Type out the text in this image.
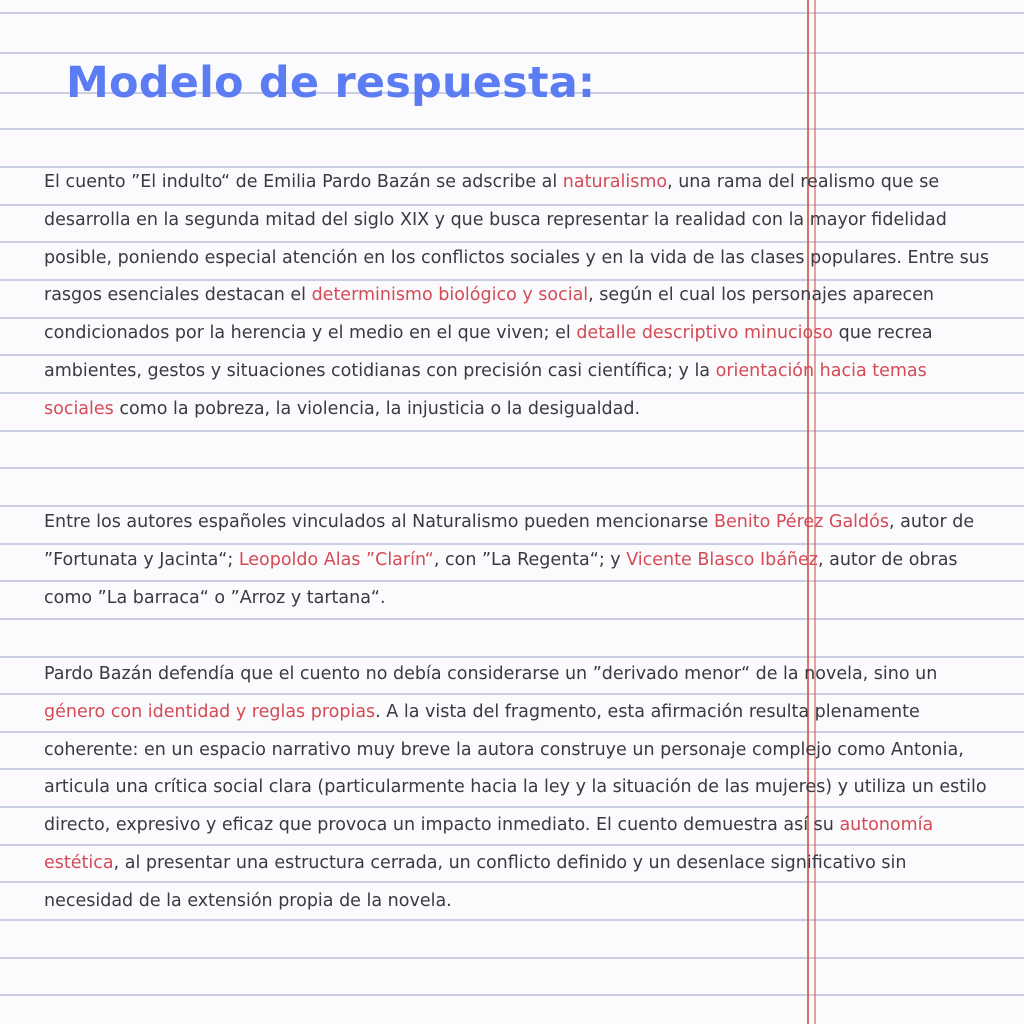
Modelo de respuesta:

El cuento ”El indulto“ de Emilia Pardo Bazán se adscribe al naturalismo, una rama del realismo que se desarrolla en la segunda mitad del siglo XIX y que busca representar la realidad con la mayor fidelidad posible, poniendo especial atención en los conflictos sociales y en la vida de las clases populares. Entre sus rasgos esenciales destacan el determinismo biológico y social, según el cual los personajes aparecen condicionados por la herencia y el medio en el que viven; el detalle descriptivo minucioso que recrea ambientes, gestos y situaciones cotidianas con precisión casi científica; y la orientación hacia temas sociales como la pobreza, la violencia, la injusticia o la desigualdad.

Entre los autores españoles vinculados al Naturalismo pueden mencionarse Benito Pérez Galdós, autor de ”Fortunata y Jacinta“; Leopoldo Alas ”Clarín“, con ”La Regenta“; y Vicente Blasco Ibáñez, autor de obras como ”La barraca“ o ”Arroz y tartana“.

Pardo Bazán defendía que el cuento no debía considerarse un ”derivado menor“ de la novela, sino un género con identidad y reglas propias. A la vista del fragmento, esta afirmación resulta plenamente coherente: en un espacio narrativo muy breve la autora construye un personaje complejo como Antonia, articula una crítica social clara (particularmente hacia la ley y la situación de las mujeres) y utiliza un estilo directo, expresivo y eficaz que provoca un impacto inmediato. El cuento demuestra así su autonomía estética, al presentar una estructura cerrada, un conflicto definido y un desenlace significativo sin necesidad de la extensión propia de la novela.
